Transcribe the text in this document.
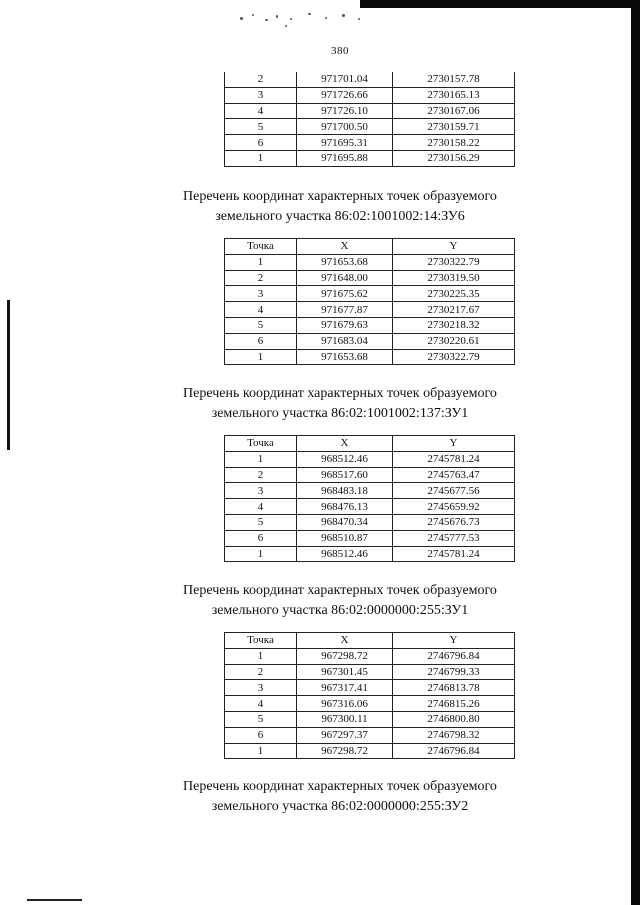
380
2	971701.04	2730157.78
3	971726.66	2730165.13
4	971726.10	2730167.06
5	971700.50	2730159.71
6	971695.31	2730158.22
1	971695.88	2730156.29
Перечень координат характерных точек образуемого
земельного участка 86:02:1001002:14:ЗУ6
Точка	X	Y
1	971653.68	2730322.79
2	971648.00	2730319.50
3	971675.62	2730225.35
4	971677.87	2730217.67
5	971679.63	2730218.32
6	971683.04	2730220.61
1	971653.68	2730322.79
Перечень координат характерных точек образуемого
земельного участка 86:02:1001002:137:ЗУ1
Точка	X	Y
1	968512.46	2745781.24
2	968517.60	2745763.47
3	968483.18	2745677.56
4	968476.13	2745659.92
5	968470.34	2745676.73
6	968510.87	2745777.53
1	968512.46	2745781.24
Перечень координат характерных точек образуемого
земельного участка 86:02:0000000:255:ЗУ1
Точка	X	Y
1	967298.72	2746796.84
2	967301.45	2746799.33
3	967317.41	2746813.78
4	967316.06	2746815.26
5	967300.11	2746800.80
6	967297.37	2746798.32
1	967298.72	2746796.84
Перечень координат характерных точек образуемого
земельного участка 86:02:0000000:255:ЗУ2
